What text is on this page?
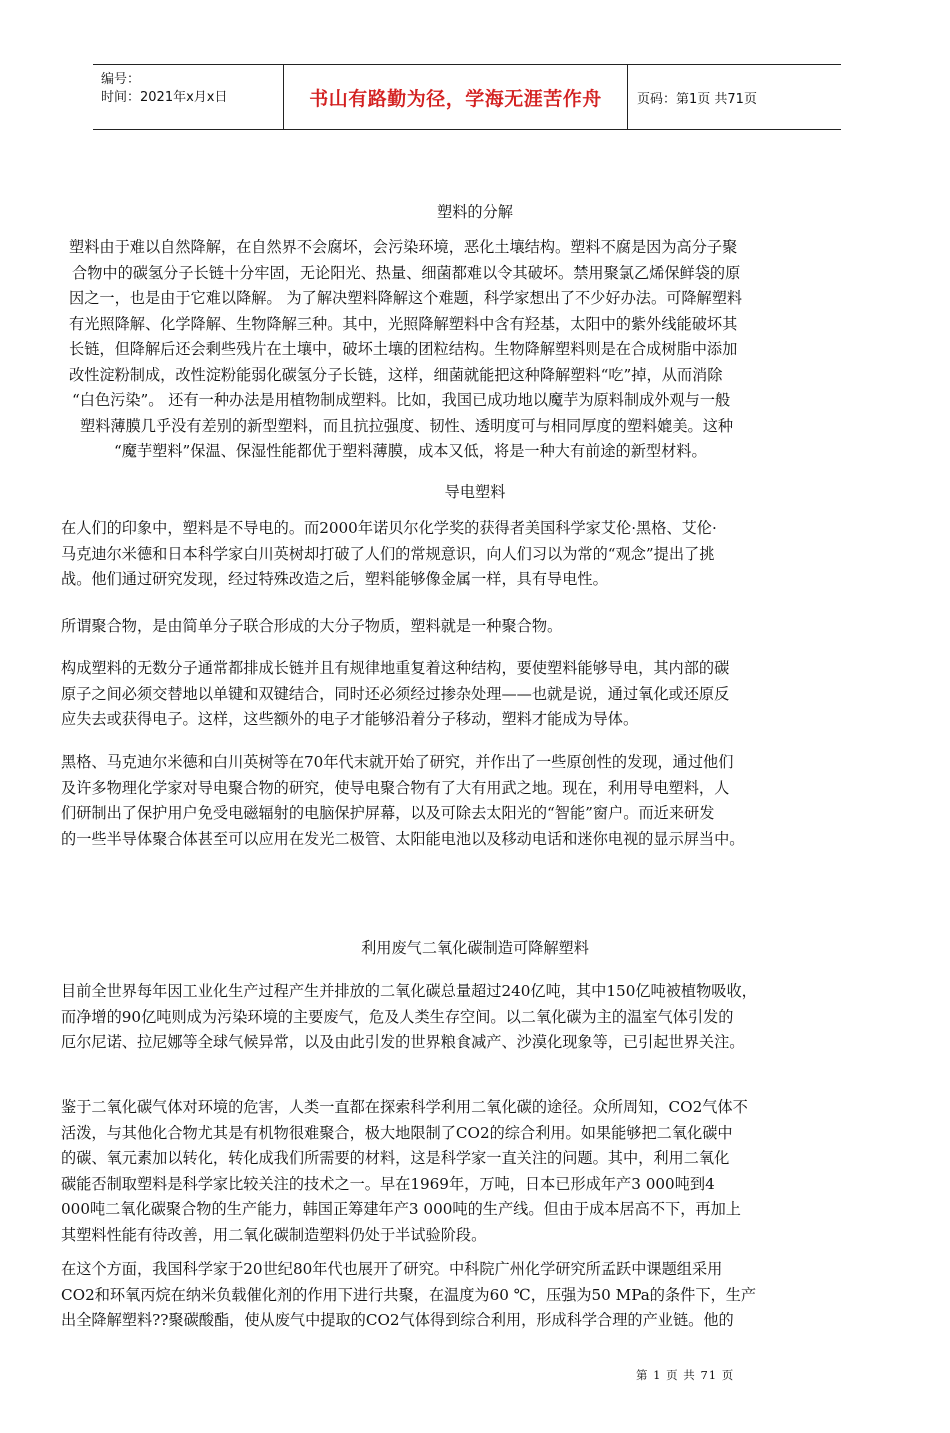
编号：
时间：2021年x月x日	书山有路勤为径，学海无涯苦作舟	页码：第1页 共71页
塑料的分解
塑料由于难以自然降解，在自然界不会腐坏，会污染环境，恶化土壤结构。塑料不腐是因为高分子聚
合物中的碳氢分子长链十分牢固，无论阳光、热量、细菌都难以令其破坏。禁用聚氯乙烯保鲜袋的原
因之一，也是由于它难以降解。 为了解决塑料降解这个难题，科学家想出了不少好办法。可降解塑料
有光照降解、化学降解、生物降解三种。其中，光照降解塑料中含有羟基，太阳中的紫外线能破坏其
长链，但降解后还会剩些残片在土壤中，破坏土壤的团粒结构。生物降解塑料则是在合成树脂中添加
改性淀粉制成，改性淀粉能弱化碳氢分子长链，这样，细菌就能把这种降解塑料“吃”掉，从而消除
“白色污染”。 还有一种办法是用植物制成塑料。比如，我国已成功地以魔芋为原料制成外观与一般
塑料薄膜几乎没有差别的新型塑料，而且抗拉强度、韧性、透明度可与相同厚度的塑料媲美。这种
“魔芋塑料”保温、保湿性能都优于塑料薄膜，成本又低，将是一种大有前途的新型材料。
导电塑料
在人们的印象中，塑料是不导电的。而2000年诺贝尔化学奖的获得者美国科学家艾伦·黑格、艾伦·
马克迪尔米德和日本科学家白川英树却打破了人们的常规意识，向人们习以为常的“观念”提出了挑
战。他们通过研究发现，经过特殊改造之后，塑料能够像金属一样，具有导电性。
所谓聚合物，是由简单分子联合形成的大分子物质，塑料就是一种聚合物。
构成塑料的无数分子通常都排成长链并且有规律地重复着这种结构，要使塑料能够导电，其内部的碳
原子之间必须交替地以单键和双键结合，同时还必须经过掺杂处理——也就是说，通过氧化或还原反
应失去或获得电子。这样，这些额外的电子才能够沿着分子移动，塑料才能成为导体。
黑格、马克迪尔米德和白川英树等在70年代末就开始了研究，并作出了一些原创性的发现，通过他们
及许多物理化学家对导电聚合物的研究，使导电聚合物有了大有用武之地。现在，利用导电塑料，人
们研制出了保护用户免受电磁辐射的电脑保护屏幕，以及可除去太阳光的“智能”窗户。而近来研发
的一些半导体聚合体甚至可以应用在发光二极管、太阳能电池以及移动电话和迷你电视的显示屏当中。
利用废气二氧化碳制造可降解塑料
目前全世界每年因工业化生产过程产生并排放的二氧化碳总量超过240亿吨，其中150亿吨被植物吸收，
而净增的90亿吨则成为污染环境的主要废气，危及人类生存空间。以二氧化碳为主的温室气体引发的
厄尔尼诺、拉尼娜等全球气候异常，以及由此引发的世界粮食减产、沙漠化现象等，已引起世界关注。
鉴于二氧化碳气体对环境的危害，人类一直都在探索科学利用二氧化碳的途径。众所周知，CO2气体不
活泼，与其他化合物尤其是有机物很难聚合，极大地限制了CO2的综合利用。如果能够把二氧化碳中
的碳、氧元素加以转化，转化成我们所需要的材料，这是科学家一直关注的问题。其中，利用二氧化
碳能否制取塑料是科学家比较关注的技术之一。早在1969年，万吨，日本已形成年产3 000吨到4
000吨二氧化碳聚合物的生产能力，韩国正筹建年产3 000吨的生产线。但由于成本居高不下，再加上
其塑料性能有待改善，用二氧化碳制造塑料仍处于半试验阶段。
在这个方面，我国科学家于20世纪80年代也展开了研究。中科院广州化学研究所孟跃中课题组采用
CO2和环氧丙烷在纳米负载催化剂的作用下进行共聚，在温度为60 ℃，压强为50 MPa的条件下，生产
出全降解塑料??聚碳酸酯，使从废气中提取的CO2气体得到综合利用，形成科学合理的产业链。他的
第 1 页 共 71 页
